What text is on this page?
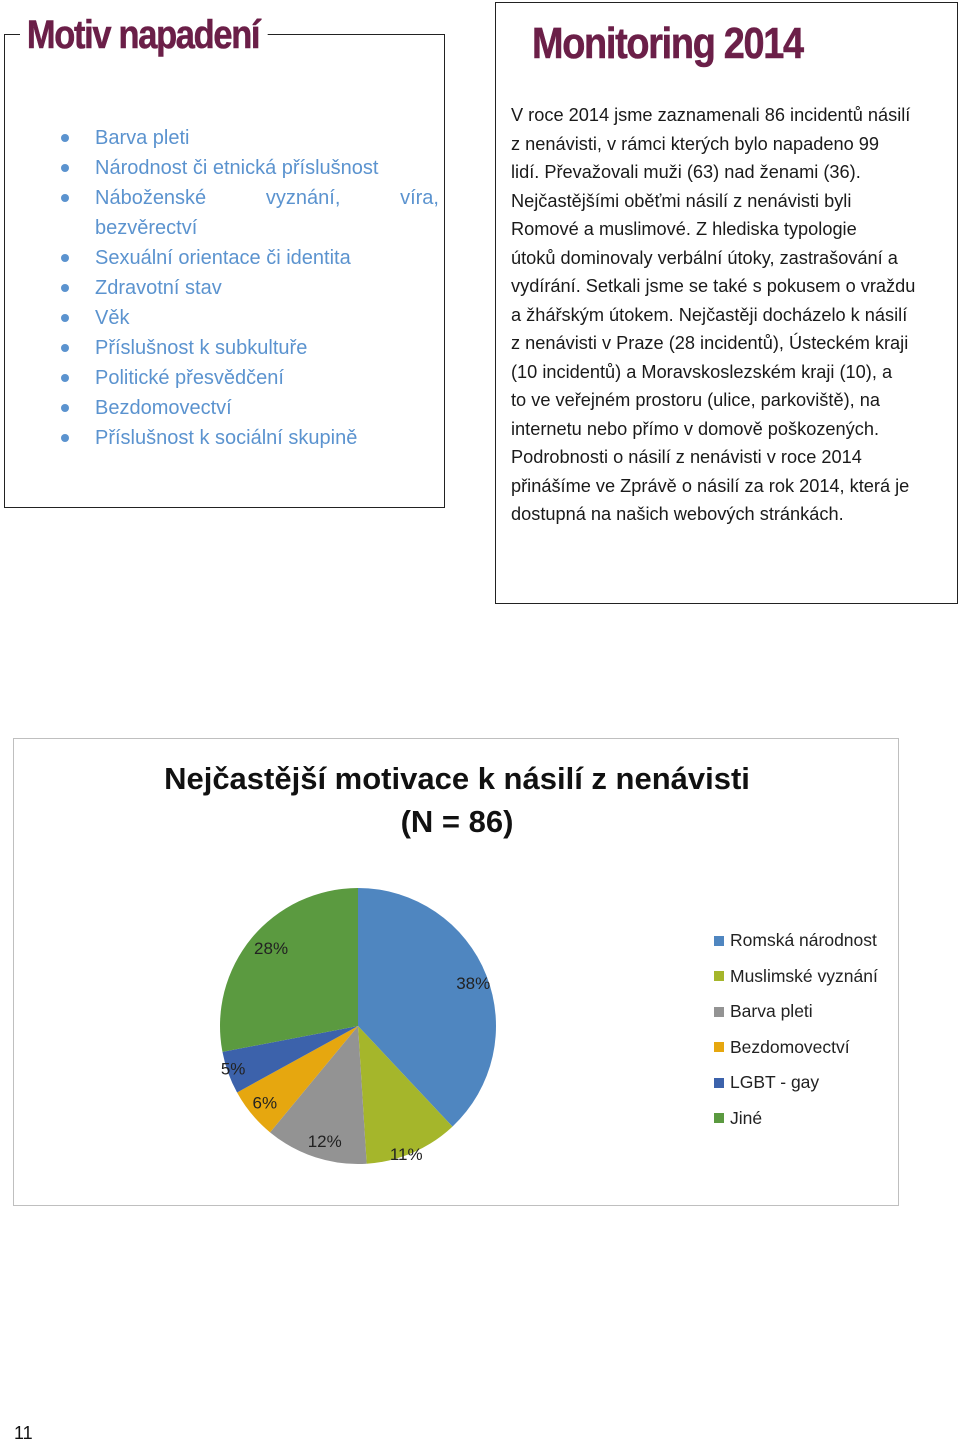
Barva pleti
Národnost či etnická příslušnost
Náboženské	vyznání,	víra,
bezvěrectví
Sexuální orientace či identita
Zdravotní stav
Věk
Příslušnost k subkultuře
Politické přesvědčení
Bezdomovectví
Příslušnost k sociální skupině
Motiv napadení	Monitoring 2014
V roce 2014 jsme zaznamenali 86 incidentů násilí
z nenávisti, v rámci kterých bylo napadeno 99
lidí. Převažovali muži (63) nad ženami (36).
Nejčastějšími oběťmi násilí z nenávisti byli
Romové a muslimové. Z hlediska typologie
útoků dominovaly verbální útoky, zastrašování a
vydírání. Setkali jsme se také s pokusem o vraždu
a žhářským útokem. Nejčastěji docházelo k násilí
z nenávisti v Praze (28 incidentů), Ústeckém kraji
(10 incidentů) a Moravskoslezském kraji (10), a
to ve veřejném prostoru (ulice, parkoviště), na
internetu nebo přímo v domově poškozených.
Podrobnosti o násilí z nenávisti v roce 2014
přinášíme ve Zprávě o násilí za rok 2014, která je
dostupná na našich webových stránkách.
Nejčastější motivace k násilí z nenávisti
(N = 86)
38%
11%
12%
6%
5%
28%	Romská národnost
Muslimské vyznání
Barva pleti
Bezdomovectví
LGBT - gay
Jiné
11
